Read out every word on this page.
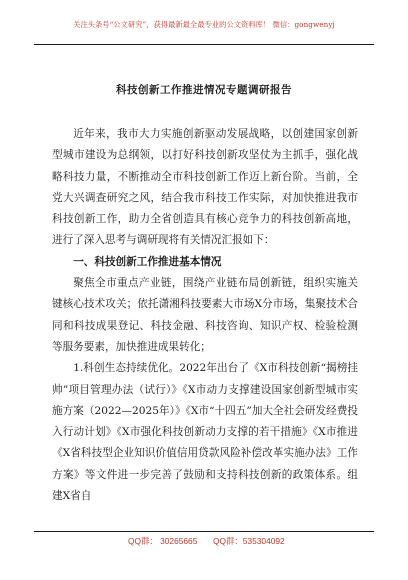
关注头条号“公文研究”，获得最新最全最专业的公文资料库！ 微信：gongwenyj
科技创新工作推进情况专题调研报告

近年来，我市大力实施创新驱动发展战略，以创建国家创新型城市建设为总纲领，以打好科技创新攻坚仗为主抓手，强化战略科技力量，不断推动全市科技创新工作迈上新台阶。当前，全党大兴调查研究之风，结合我市科技工作实际，对加快推进我市科技创新工作，助力全省创造具有核心竞争力的科技创新高地，进行了深入思考与调研现将有关情况汇报如下：

一、科技创新工作推进基本情况

聚焦全市重点产业链，围绕产业链布局创新链，组织实施关键核心技术攻关；依托潇湘科技要素大市场X分市场，集聚技术合同和科技成果登记、科技金融、科技咨询、知识产权、检验检测等服务要素，加快推进成果转化；

1.科创生态持续优化。2022年出台了《X市科技创新“揭榜挂帅”项目管理办法（试行）》《X市动力支撑建设国家创新型城市实施方案（2022—2025年）》《X市“十四五”加大全社会研发经费投入行动计划》《X市强化科技创新动力支撑的若干措施》《X市推进《X省科技型企业知识价值信用贷款风险补偿改革实施办法》工作方案》等文件进一步完善了鼓励和支持科技创新的政策体系。组建X省自

QQ群： 30265665 QQ群：535304092
